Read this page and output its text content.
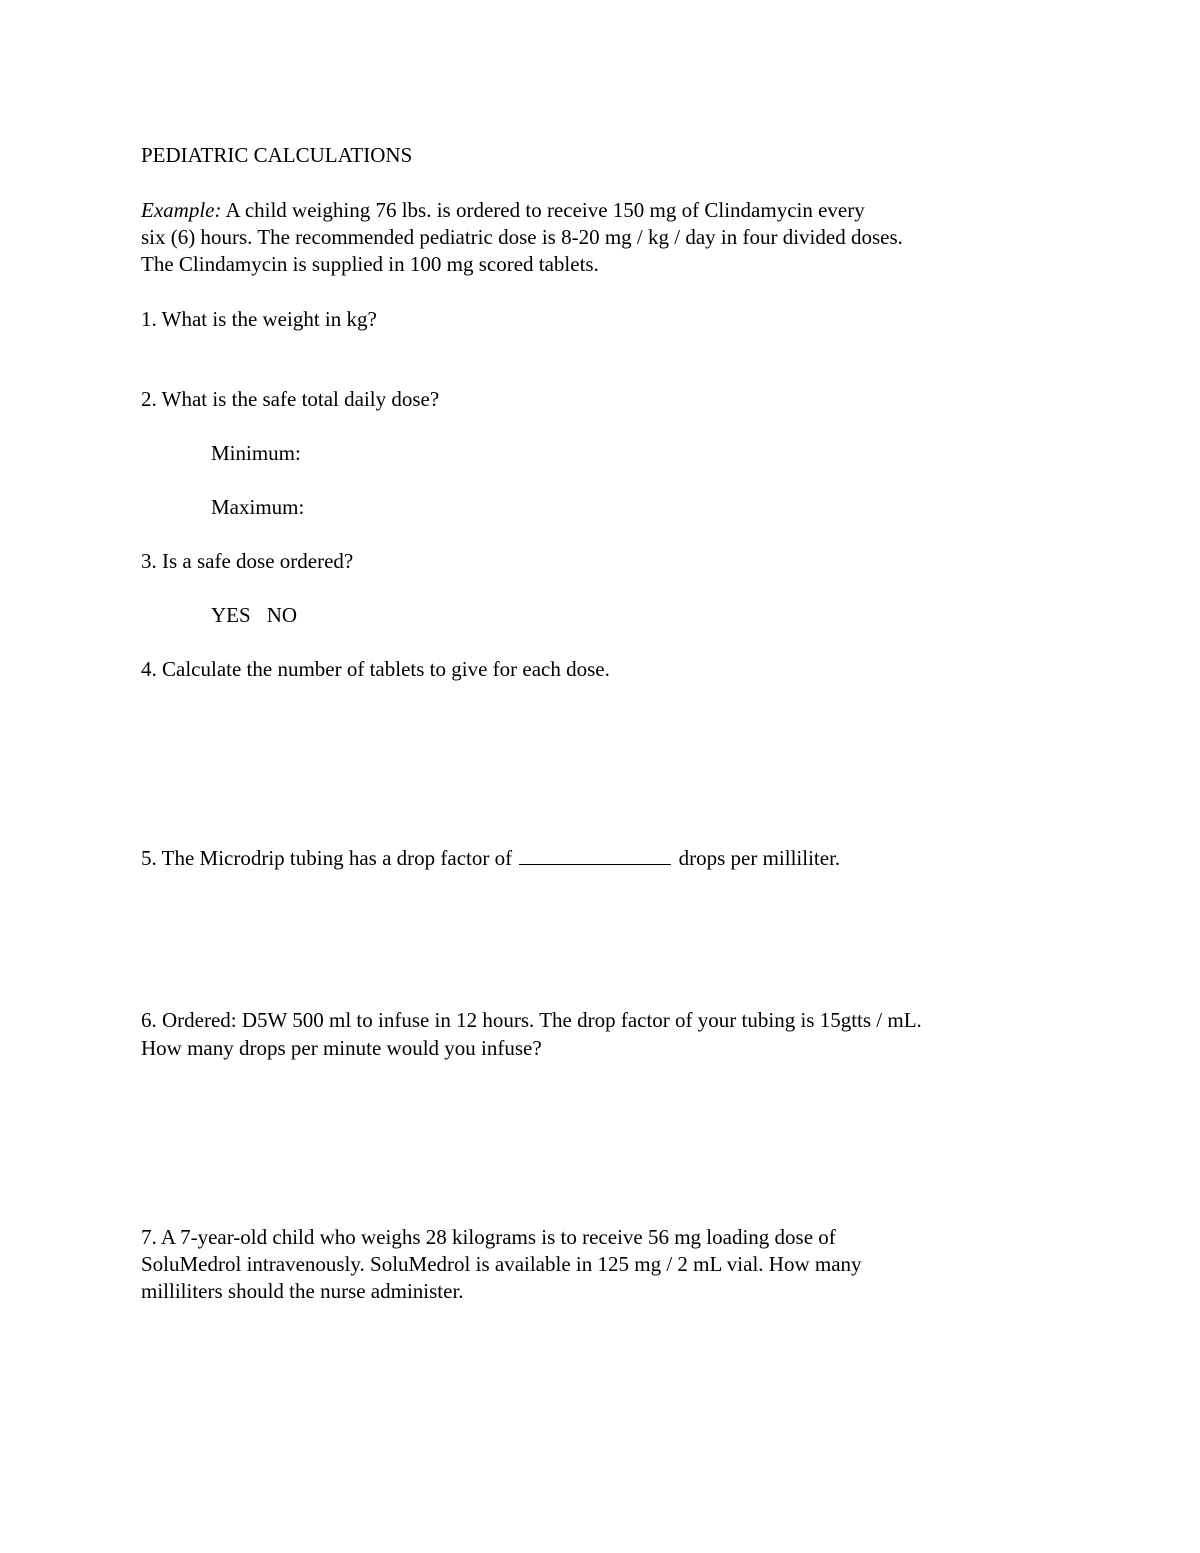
PEDIATRIC CALCULATIONS
Example: A child weighing 76 lbs. is ordered to receive 150 mg of Clindamycin every
six (6) hours. The recommended pediatric dose is 8-20 mg / kg / day in four divided doses.
The Clindamycin is supplied in 100 mg scored tablets.
1. What is the weight in kg?
2. What is the safe total daily dose?
Minimum:
Maximum:
3. Is a safe dose ordered?
YES NO
4. Calculate the number of tablets to give for each dose.
5. The Microdrip tubing has a drop factor of	drops per milliliter.
6. Ordered: D5W 500 ml to infuse in 12 hours. The drop factor of your tubing is 15gtts / mL.
How many drops per minute would you infuse?
7. A 7-year-old child who weighs 28 kilograms is to receive 56 mg loading dose of
SoluMedrol intravenously. SoluMedrol is available in 125 mg / 2 mL vial. How many
milliliters should the nurse administer.
